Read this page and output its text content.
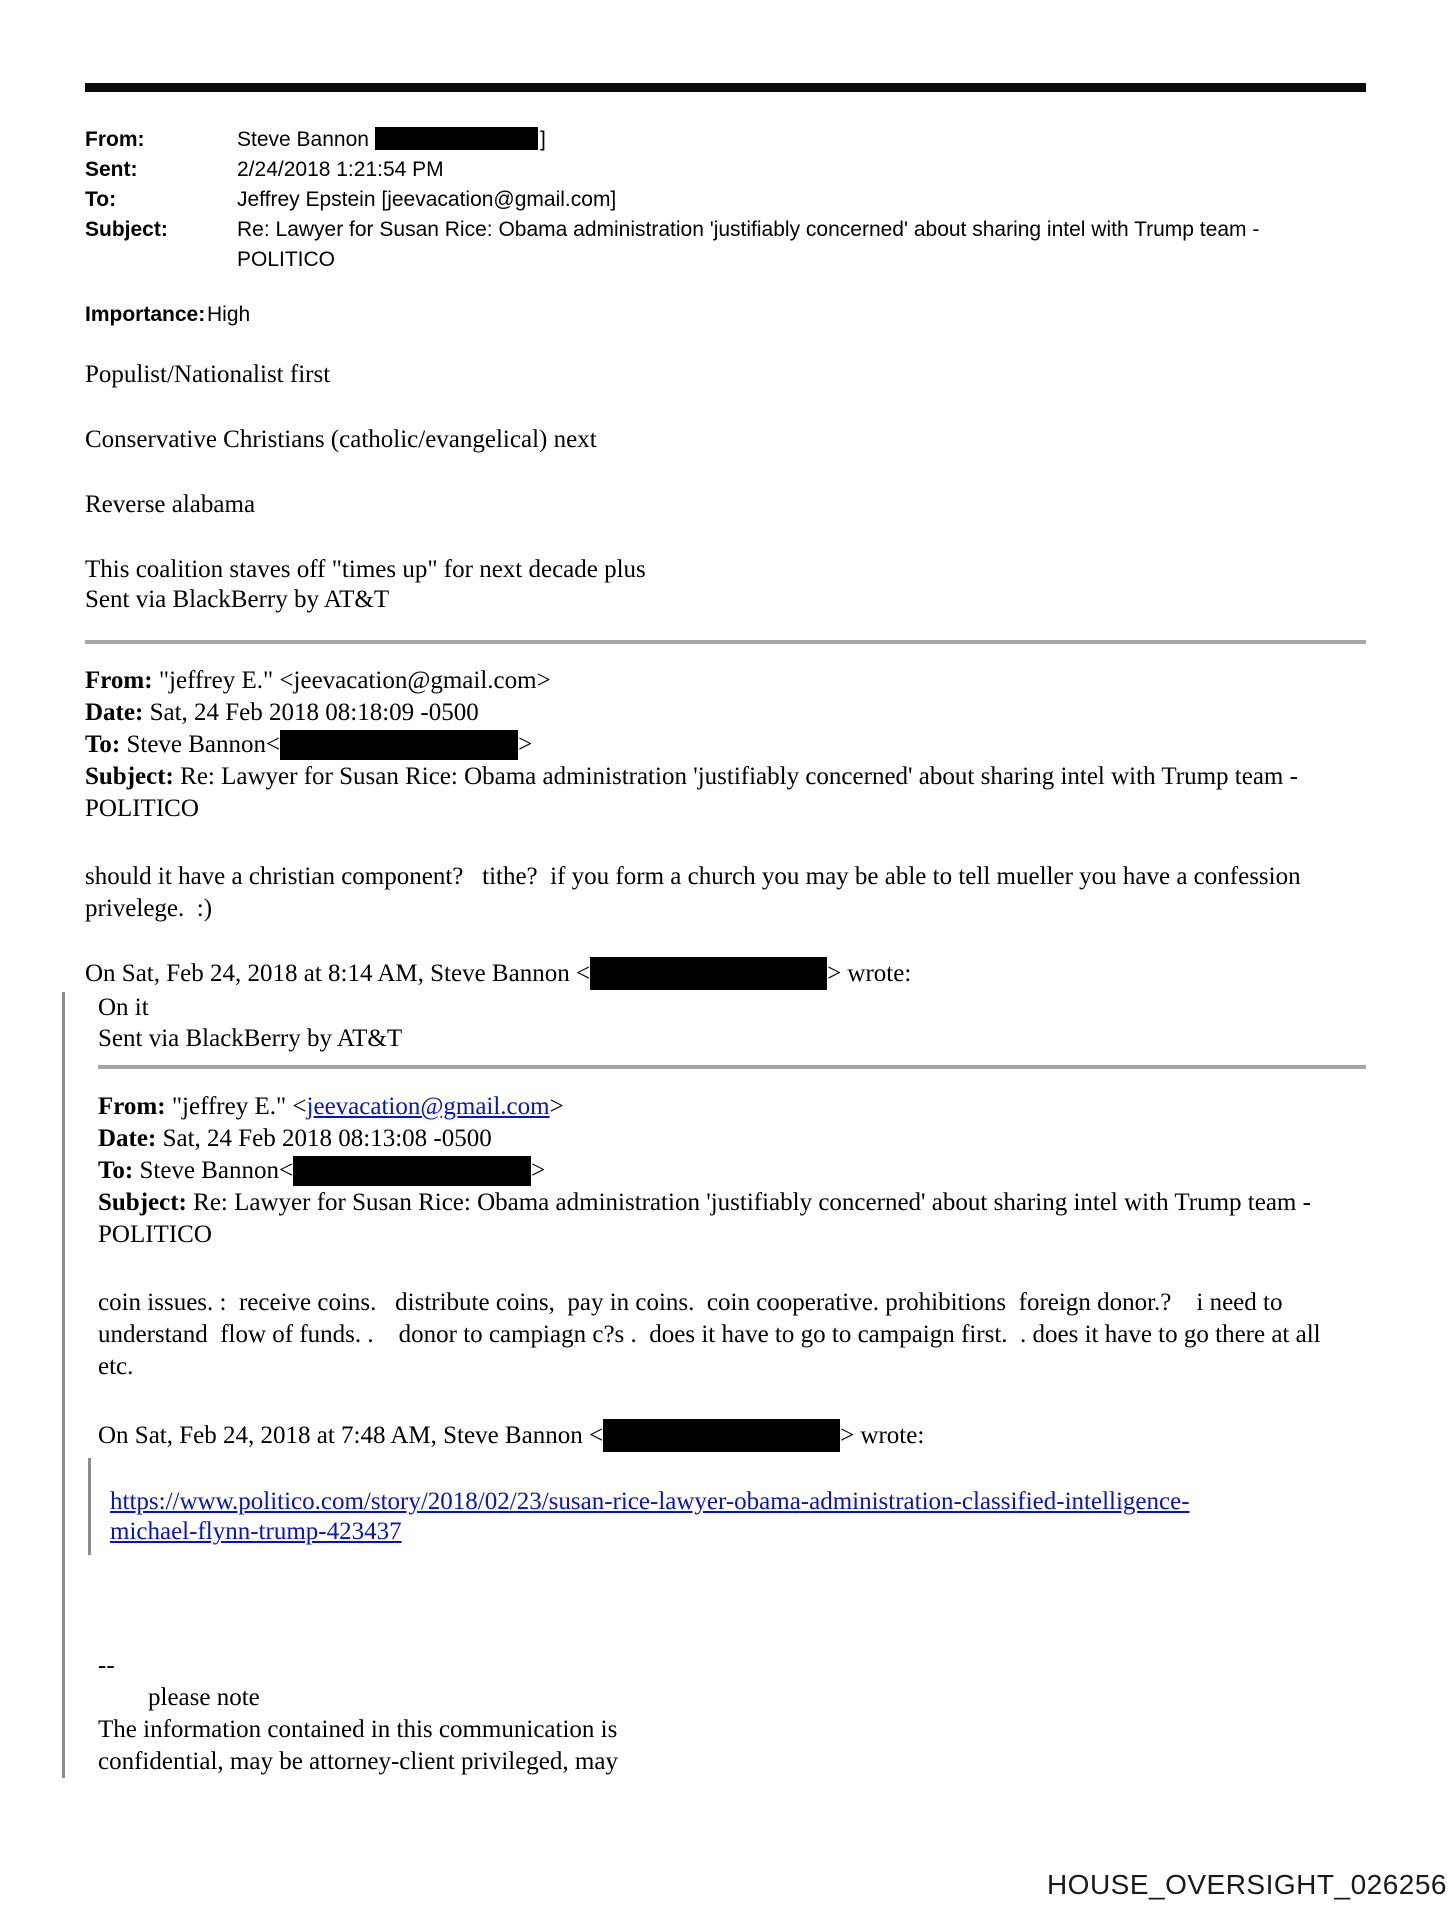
From:	Steve Bannon	]
Sent:	2/24/2018 1:21:54 PM
To:	Jeffrey Epstein [jeevacation@gmail.com]
Subject:	Re: Lawyer for Susan Rice: Obama administration 'justifiably concerned' about sharing intel with Trump team - POLITICO
Importance: High
Populist/Nationalist first
Conservative Christians (catholic/evangelical) next
Reverse alabama
This coalition staves off "times up" for next decade plus
Sent via BlackBerry by AT&T

From: "jeffrey E." <jeevacation@gmail.com>

Date: Sat, 24 Feb 2018 08:18:09 -0500

To: Steve Bannon<	>

Subject: Re: Lawyer for Susan Rice: Obama administration 'justifiably concerned' about sharing intel with Trump team - POLITICO

should it have a christian component?   tithe?  if you form a church you may be able to tell mueller you have a confession privelege.  :)
On Sat, Feb 24, 2018 at 8:14 AM, Steve Bannon <	> wrote:
On it
Sent via BlackBerry by AT&T

From: "jeffrey E." <jeevacation@gmail.com>

Date: Sat, 24 Feb 2018 08:13:08 -0500

To: Steve Bannon<	>

Subject: Re: Lawyer for Susan Rice: Obama administration 'justifiably concerned' about sharing intel with Trump team - POLITICO

coin issues. :  receive coins.   distribute coins,  pay in coins.  coin cooperative. prohibitions  foreign donor.?    i need to understand  flow of funds. .    donor to campiagn c?s .  does it have to go to campaign first.  . does it have to go there at all  etc.
On Sat, Feb 24, 2018 at 7:48 AM, Steve Bannon <	> wrote:
https://www.politico.com/story/2018/02/23/susan-rice-lawyer-obama-administration-classified-intelligence-michael-flynn-trump-423437
--
please note
The information contained in this communication is
confidential, may be attorney-client privileged, may
HOUSE_OVERSIGHT_026256
